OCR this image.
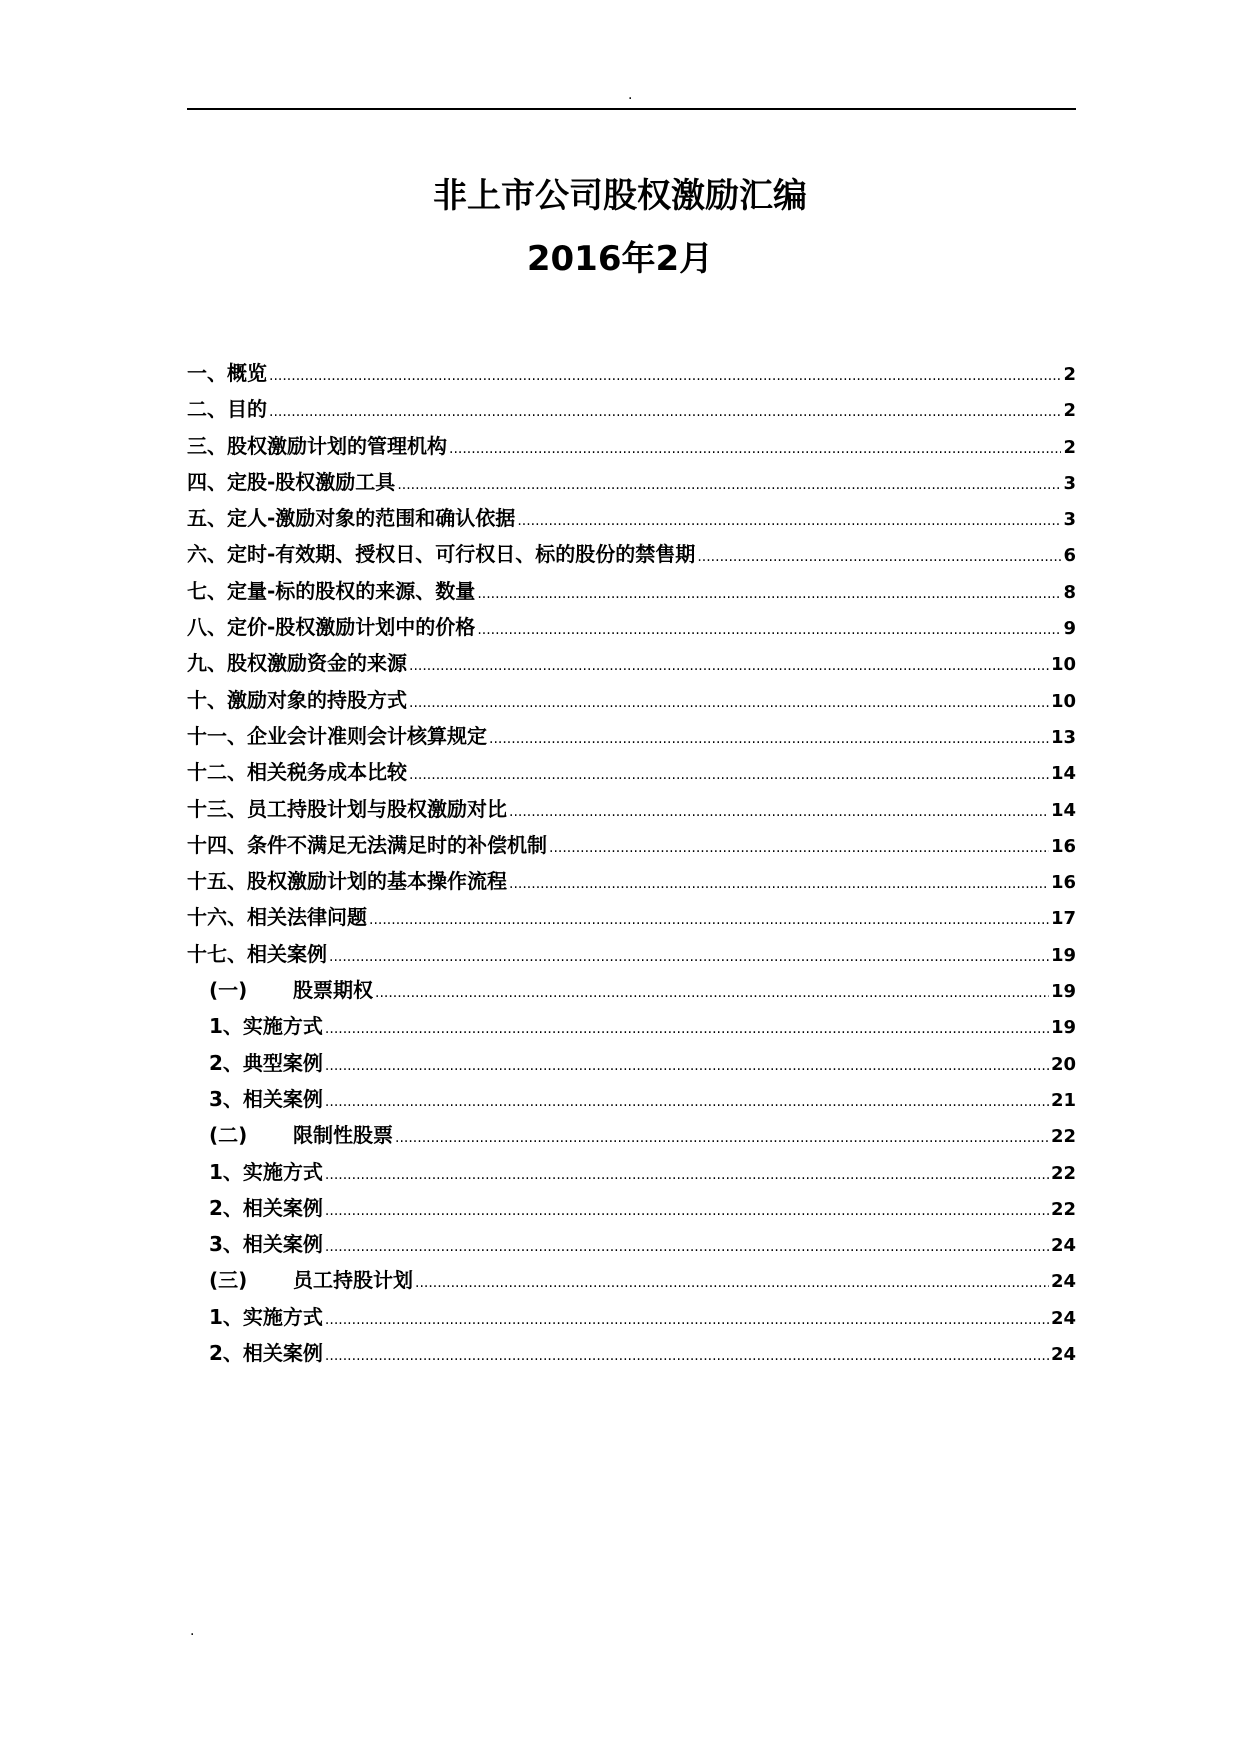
.
非上市公司股权激励汇编
2016年2月
一、概览 .....	2
二、目的 .....	2
三、股权激励计划的管理机构 .....	2
四、定股-股权激励工具 .....	3
五、定人-激励对象的范围和确认依据 .....	3
六、定时-有效期、授权日、可行权日、标的股份的禁售期 .....	6
七、定量-标的股权的来源、数量 .....	8
八、定价-股权激励计划中的价格 .....	9
九、股权激励资金的来源 .....	10
十、激励对象的持股方式 .....	10
十一、企业会计准则会计核算规定 .....	13
十二、相关税务成本比较 .....	14
十三、员工持股计划与股权激励对比 .....	14
十四、条件不满足无法满足时的补偿机制 .....	16
十五、股权激励计划的基本操作流程 .....	16
十六、相关法律问题 .....	17
十七、相关案例 .....	19
(一) 股票期权 .....	19
1、实施方式 .....	19
2、典型案例 .....	20
3、相关案例 .....	21
(二) 限制性股票 .....	22
1、实施方式 .....	22
2、相关案例 .....	22
3、相关案例 .....	24
(三) 员工持股计划 .....	24
1、实施方式 .....	24
2、相关案例 .....	24
.
